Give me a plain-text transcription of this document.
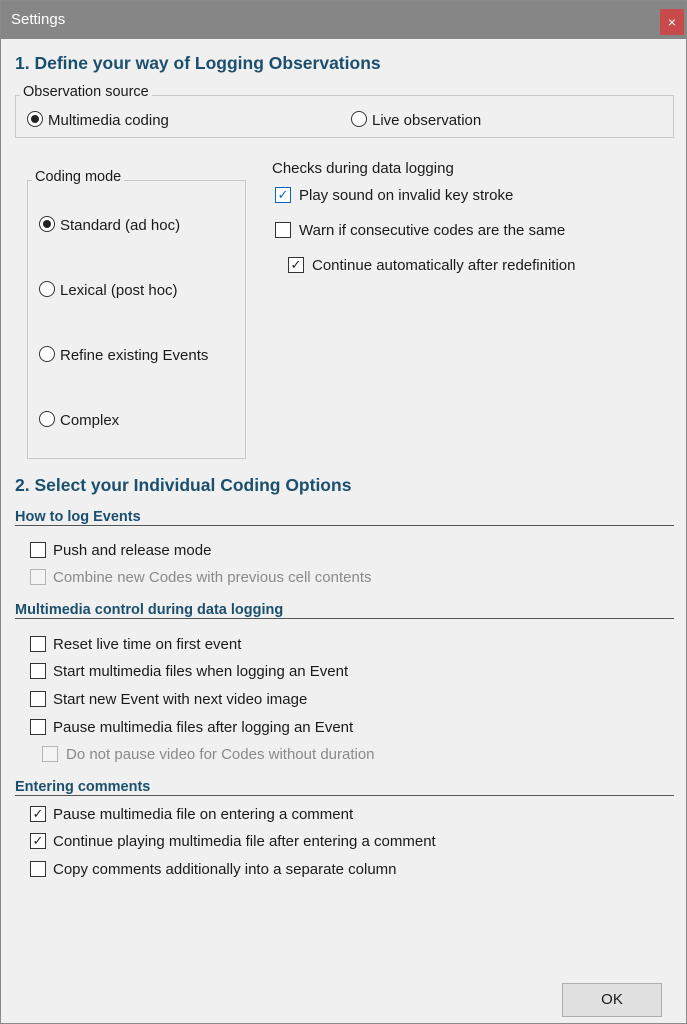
Settings	×
1. Define your way of Logging Observations
Observation source
Multimedia coding	Live observation
Coding mode
Standard (ad hoc)
Lexical (post hoc)
Refine existing Events
Complex
Checks during data logging
✓ Play sound on invalid key stroke
Warn if consecutive codes are the same
✓ Continue automatically after redefinition
2. Select your Individual Coding Options
How to log Events
Push and release mode
Combine new Codes with previous cell contents
Multimedia control during data logging
Reset live time on first event
Start multimedia files when logging an Event
Start new Event with next video image
Pause multimedia files after logging an Event
Do not pause video for Codes without duration
Entering comments
✓ Pause multimedia file on entering a comment
✓ Continue playing multimedia file after entering a comment
Copy comments additionally into a separate column
OK
